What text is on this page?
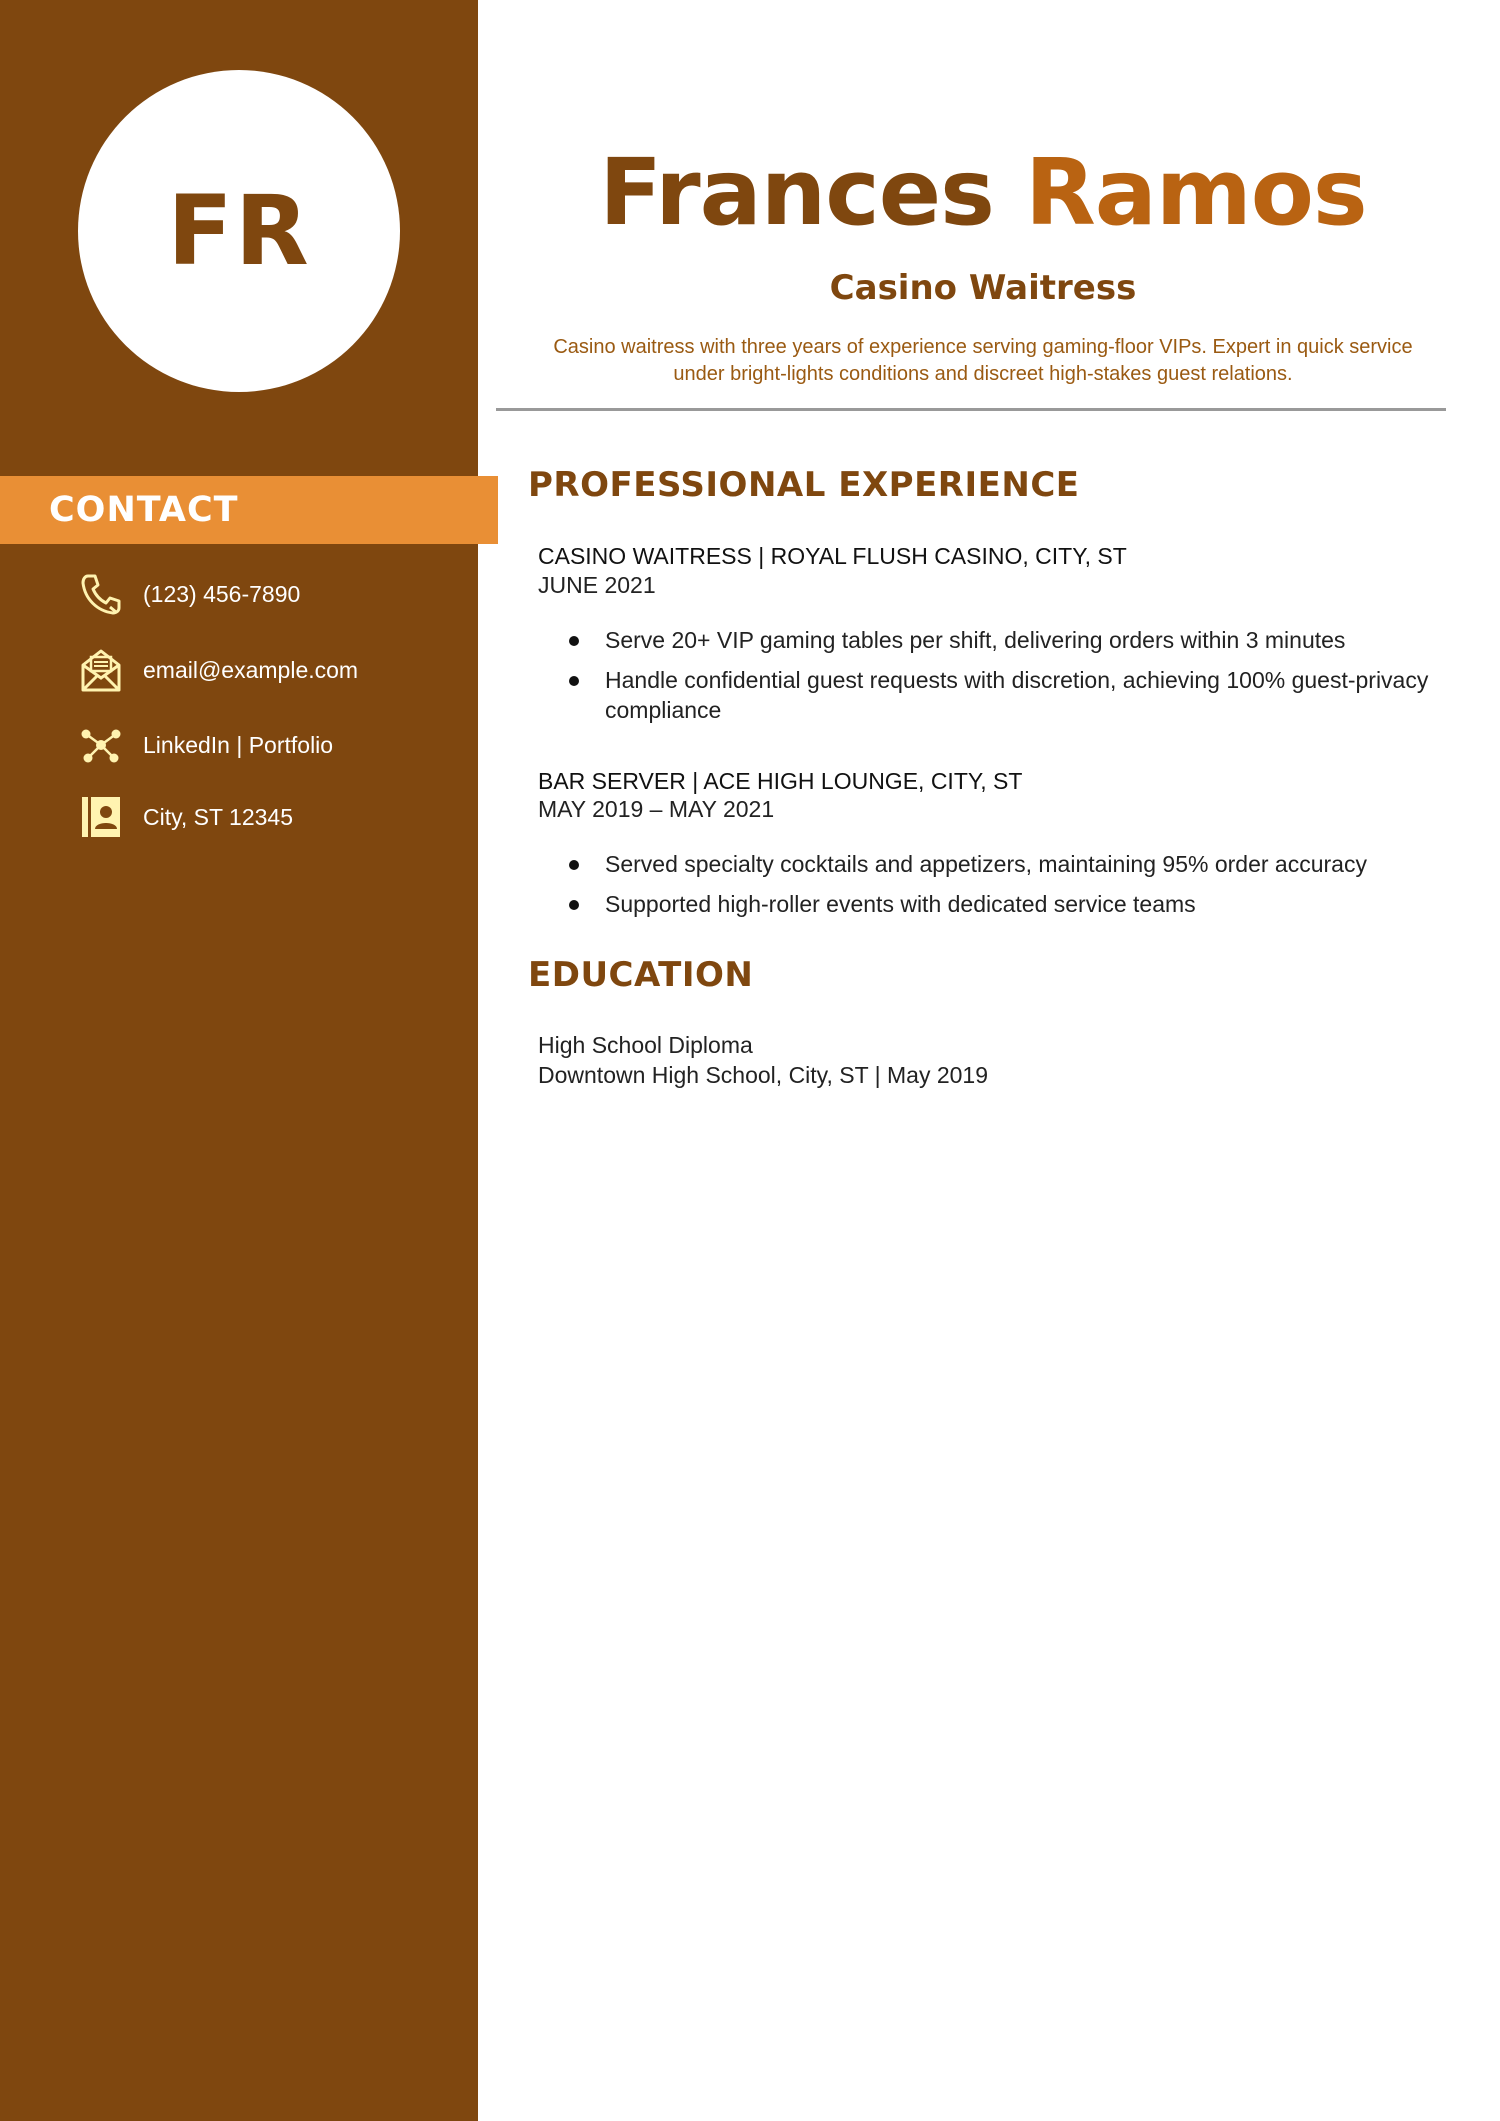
FR
CONTACT
(123) 456-7890
email@example.com
LinkedIn | Portfolio
City, ST 12345
Frances Ramos
Casino Waitress
Casino waitress with three years of experience serving gaming-floor VIPs. Expert in quick service under bright-lights conditions and discreet high-stakes guest relations.
PROFESSIONAL EXPERIENCE
CASINO WAITRESS | ROYAL FLUSH CASINO, CITY, ST
JUNE 2021
Serve 20+ VIP gaming tables per shift, delivering orders within 3 minutes
Handle confidential guest requests with discretion, achieving 100% guest-privacy compliance
BAR SERVER | ACE HIGH LOUNGE, CITY, ST
MAY 2019 – MAY 2021
Served specialty cocktails and appetizers, maintaining 95% order accuracy
Supported high-roller events with dedicated service teams
EDUCATION
High School Diploma
Downtown High School, City, ST | May 2019
